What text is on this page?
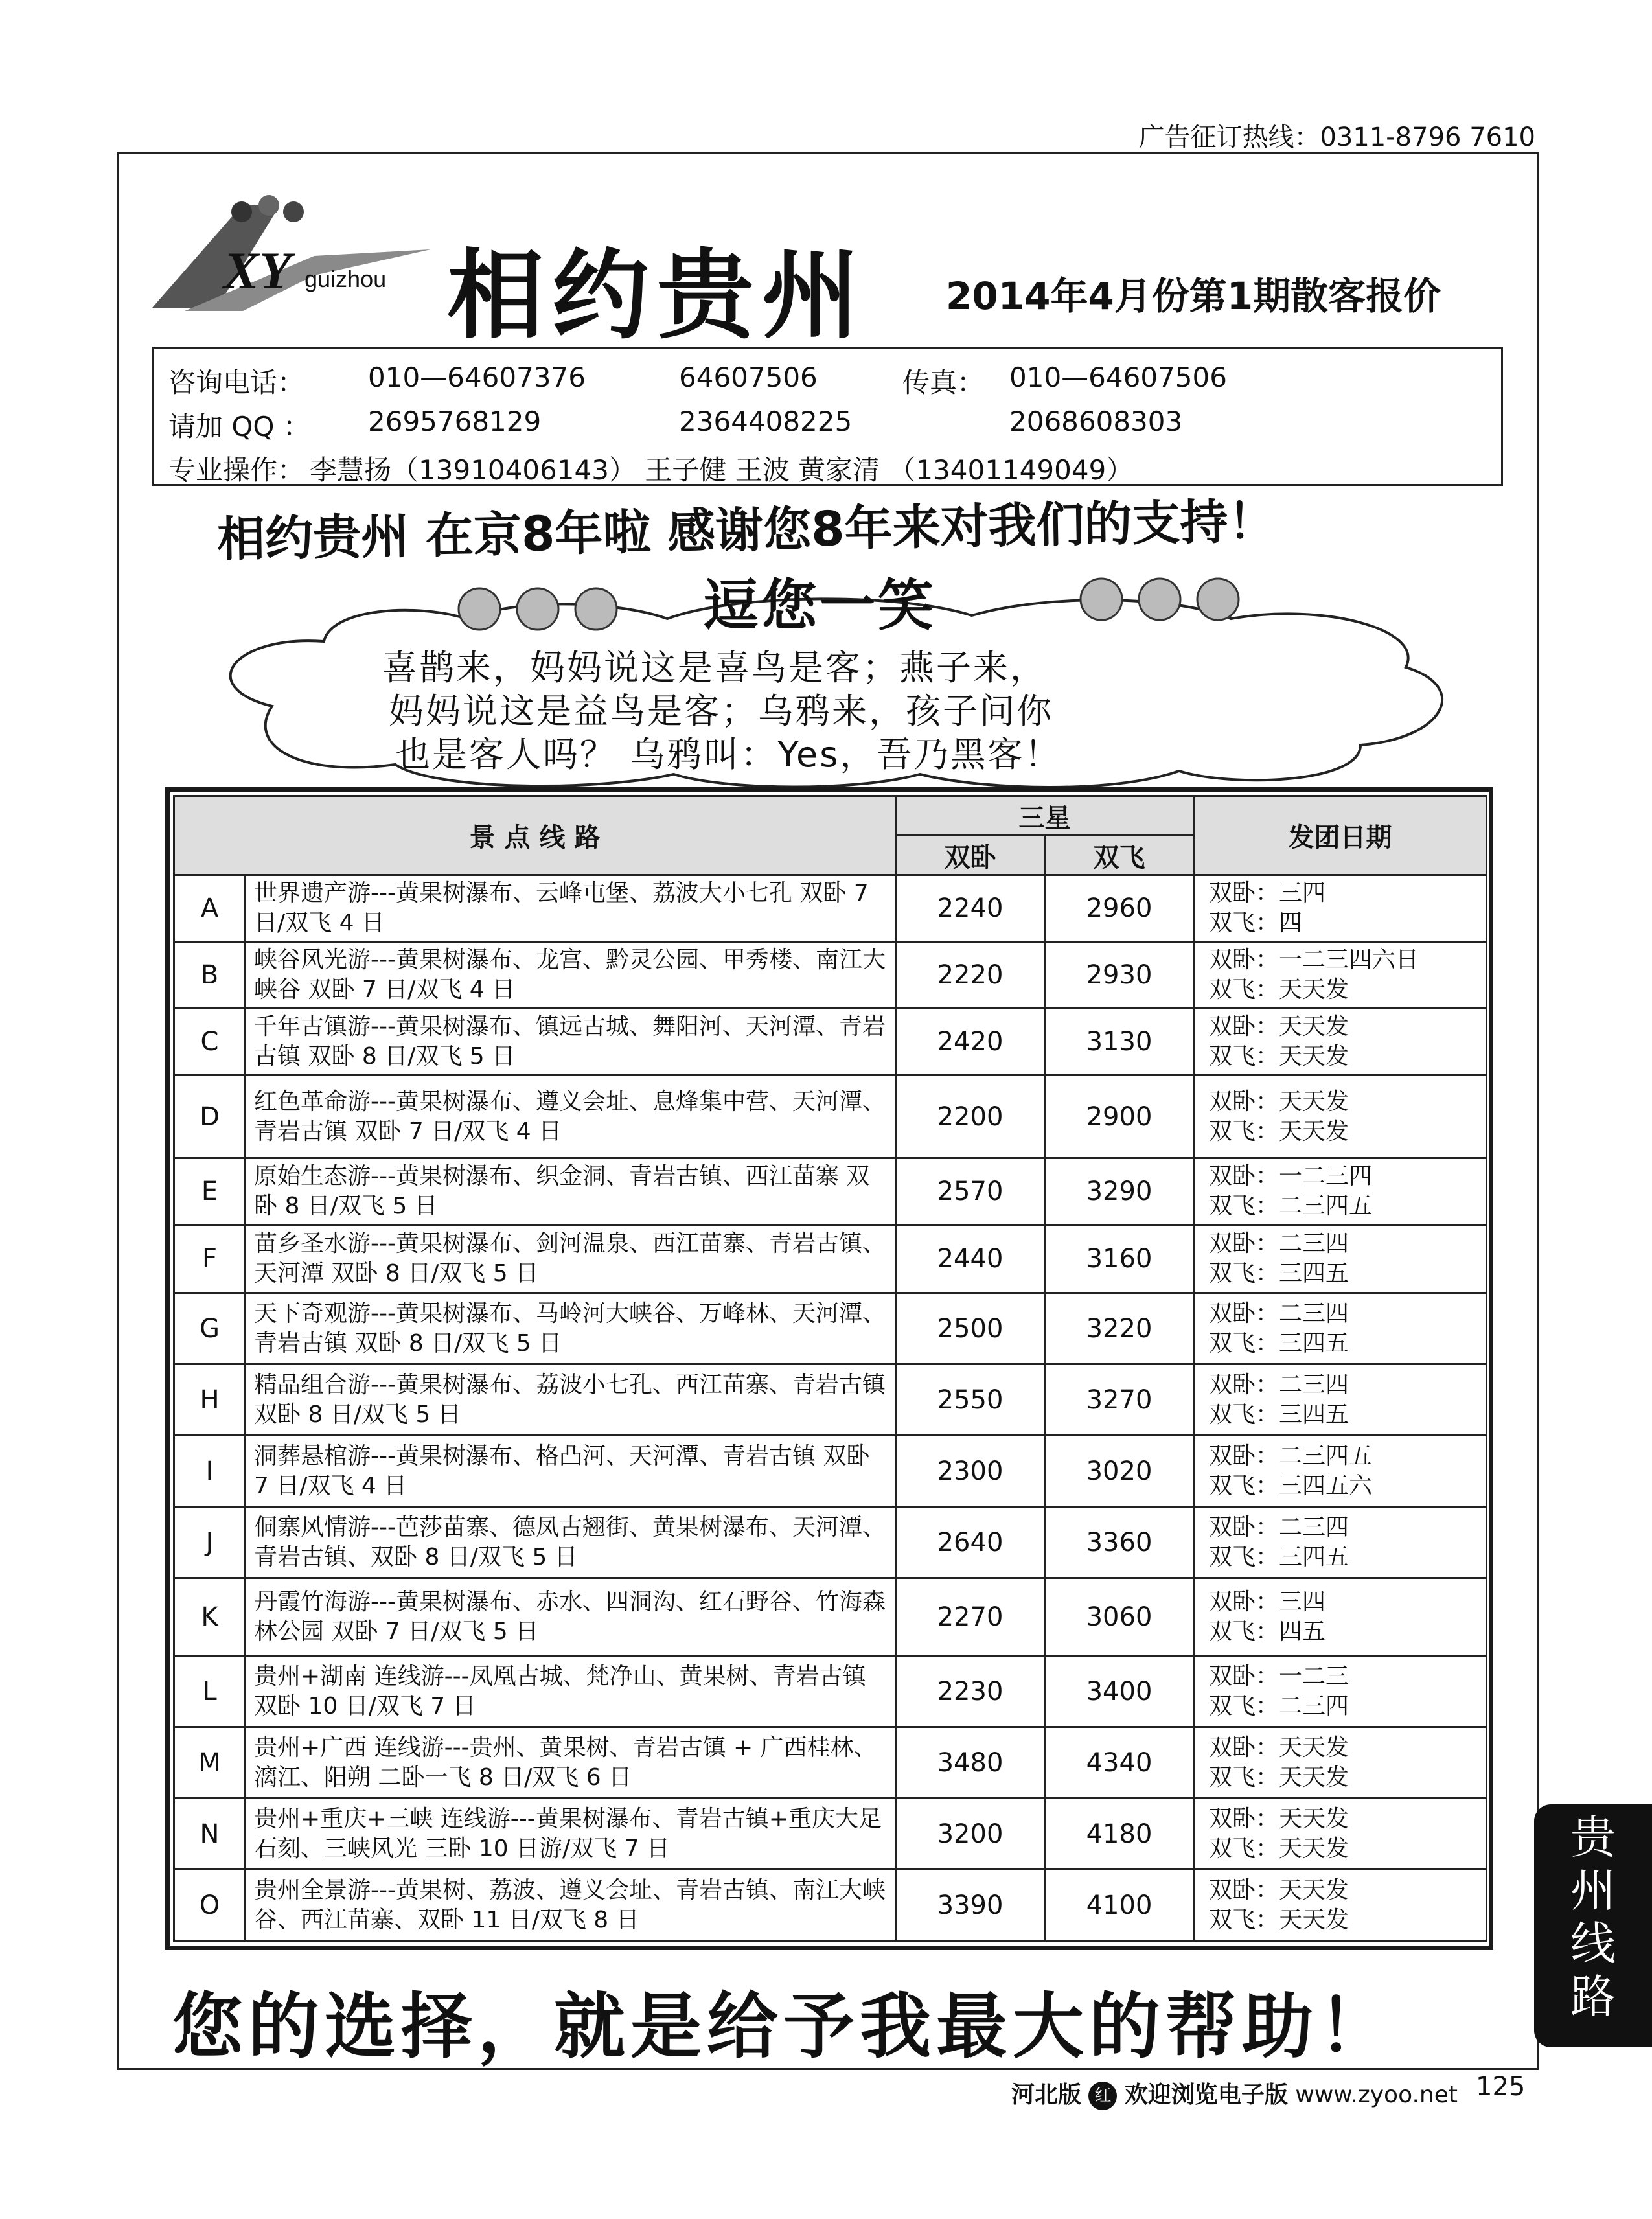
广告征订热线：0311-8796 7610
XY guizhou 相约贵州 2014年4月份第1期散客报价
咨询电话： 010—64607376	64607506	传真： 010—64607506
请加 QQ ： 2695768129	2364408225	2068608303
专业操作： 李慧扬（13910406143） 王子健 王波 黄家清 （13401149049）
相约贵州 在京8年啦 感谢您8年来对我们的支持！
逗您一笑
喜鹊来，妈妈说这是喜鸟是客；燕子来，
妈妈说这是益鸟是客；乌鸦来，孩子问你
也是客人吗？ 乌鸦叫：Yes，吾乃黑客！
景 点 线 路		三星		发团日期
		双卧	双飞	
A	世界遗产游---黄果树瀑布、云峰屯堡、荔波大小七孔 双卧 7 日/双飞 4 日	2240	2960	双卧：三四
双飞：四

B	峡谷风光游---黄果树瀑布、龙宫、黔灵公园、甲秀楼、南江大峡谷 双卧 7 日/双飞 4 日	2220	2930	双卧：一二三四六日
双飞：天天发

C	千年古镇游---黄果树瀑布、镇远古城、舞阳河、天河潭、青岩古镇 双卧 8 日/双飞 5 日	2420	3130	双卧：天天发
双飞：天天发

D	红色革命游---黄果树瀑布、遵义会址、息烽集中营、天河潭、青岩古镇 双卧 7 日/双飞 4 日	2200	2900	双卧：天天发
双飞：天天发

E	原始生态游---黄果树瀑布、织金洞、青岩古镇、西江苗寨 双卧 8 日/双飞 5 日	2570	3290	双卧：一二三四
双飞：二三四五

F	苗乡圣水游---黄果树瀑布、剑河温泉、西江苗寨、青岩古镇、天河潭 双卧 8 日/双飞 5 日	2440	3160	双卧：二三四
双飞：三四五

G	天下奇观游---黄果树瀑布、马岭河大峡谷、万峰林、天河潭、青岩古镇 双卧 8 日/双飞 5 日	2500	3220	双卧：二三四
双飞：三四五

H	精品组合游---黄果树瀑布、荔波小七孔、西江苗寨、青岩古镇 双卧 8 日/双飞 5 日	2550	3270	双卧：二三四
双飞：三四五

I	洞葬悬棺游---黄果树瀑布、格凸河、天河潭、青岩古镇 双卧 7 日/双飞 4 日	2300	3020	双卧：二三四五
双飞：三四五六

J	侗寨风情游---芭莎苗寨、德凤古翘街、黄果树瀑布、天河潭、青岩古镇、双卧 8 日/双飞 5 日	2640	3360	双卧：二三四
双飞：三四五

K	丹霞竹海游---黄果树瀑布、赤水、四洞沟、红石野谷、竹海森林公园 双卧 7 日/双飞 5 日	2270	3060	双卧：三四
双飞：四五

L	贵州+湖南 连线游---凤凰古城、梵净山、黄果树、青岩古镇 双卧 10 日/双飞 7 日	2230	3400	双卧：一二三
双飞：二三四

M	贵州+广西 连线游---贵州、黄果树、青岩古镇 + 广西桂林、漓江、阳朔 二卧一飞 8 日/双飞 6 日	3480	4340	双卧：天天发
双飞：天天发

N	贵州+重庆+三峡 连线游---黄果树瀑布、青岩古镇+重庆大足石刻、三峡风光 三卧 10 日游/双飞 7 日	3200	4180	双卧：天天发
双飞：天天发

O	贵州全景游---黄果树、荔波、遵义会址、青岩古镇、南江大峡谷、西江苗寨、双卧 11 日/双飞 8 日	3390	4100	双卧：天天发
双飞：天天发
您的选择，就是给予我最大的帮助！
贵州线路
河北版 红 欢迎浏览电子版 www.zyoo.net 125
